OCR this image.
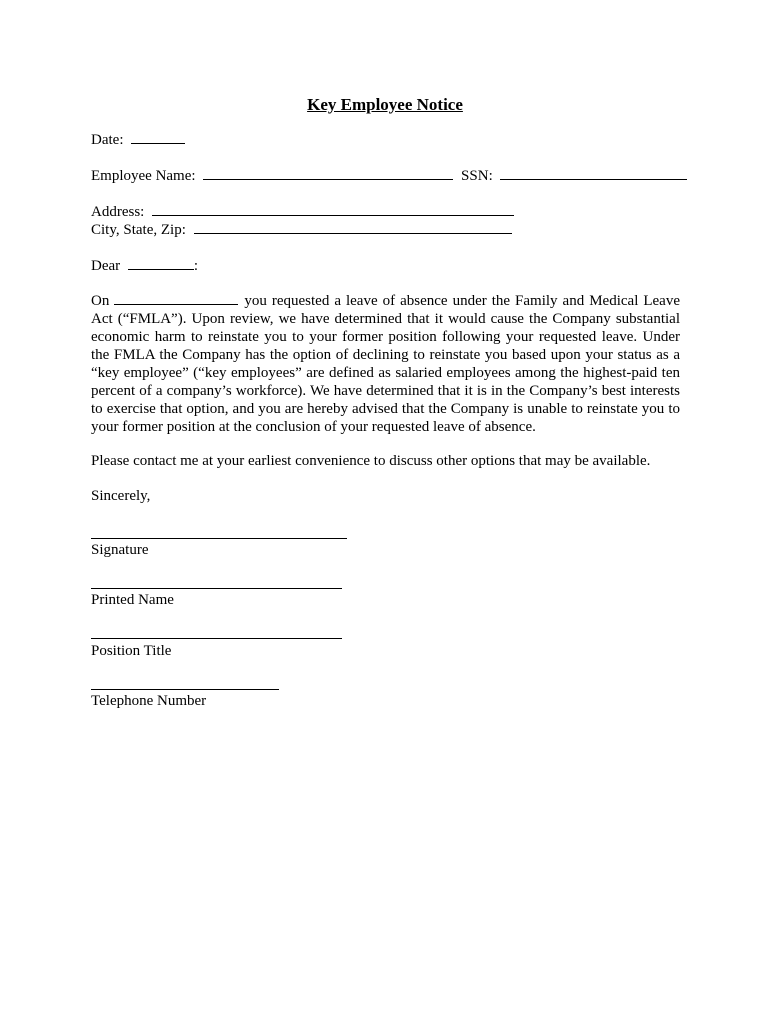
Key Employee Notice
Date:
Employee Name:	SSN:
Address:
City, State, Zip:
Dear	:
On	you requested a leave of absence under the Family and Medical Leave Act (“FMLA”). Upon review, we have determined that it would cause the Company substantial economic harm to reinstate you to your former position following your requested leave. Under the FMLA the Company has the option of declining to reinstate you based upon your status as a “key employee” (“key employees” are defined as salaried employees among the highest-paid ten percent of a company’s workforce). We have determined that it is in the Company’s best interests to exercise that option, and you are hereby advised that the Company is unable to reinstate you to your former position at the conclusion of your requested leave of absence.
Please contact me at your earliest convenience to discuss other options that may be available.
Sincerely,
Signature
Printed Name
Position Title
Telephone Number
